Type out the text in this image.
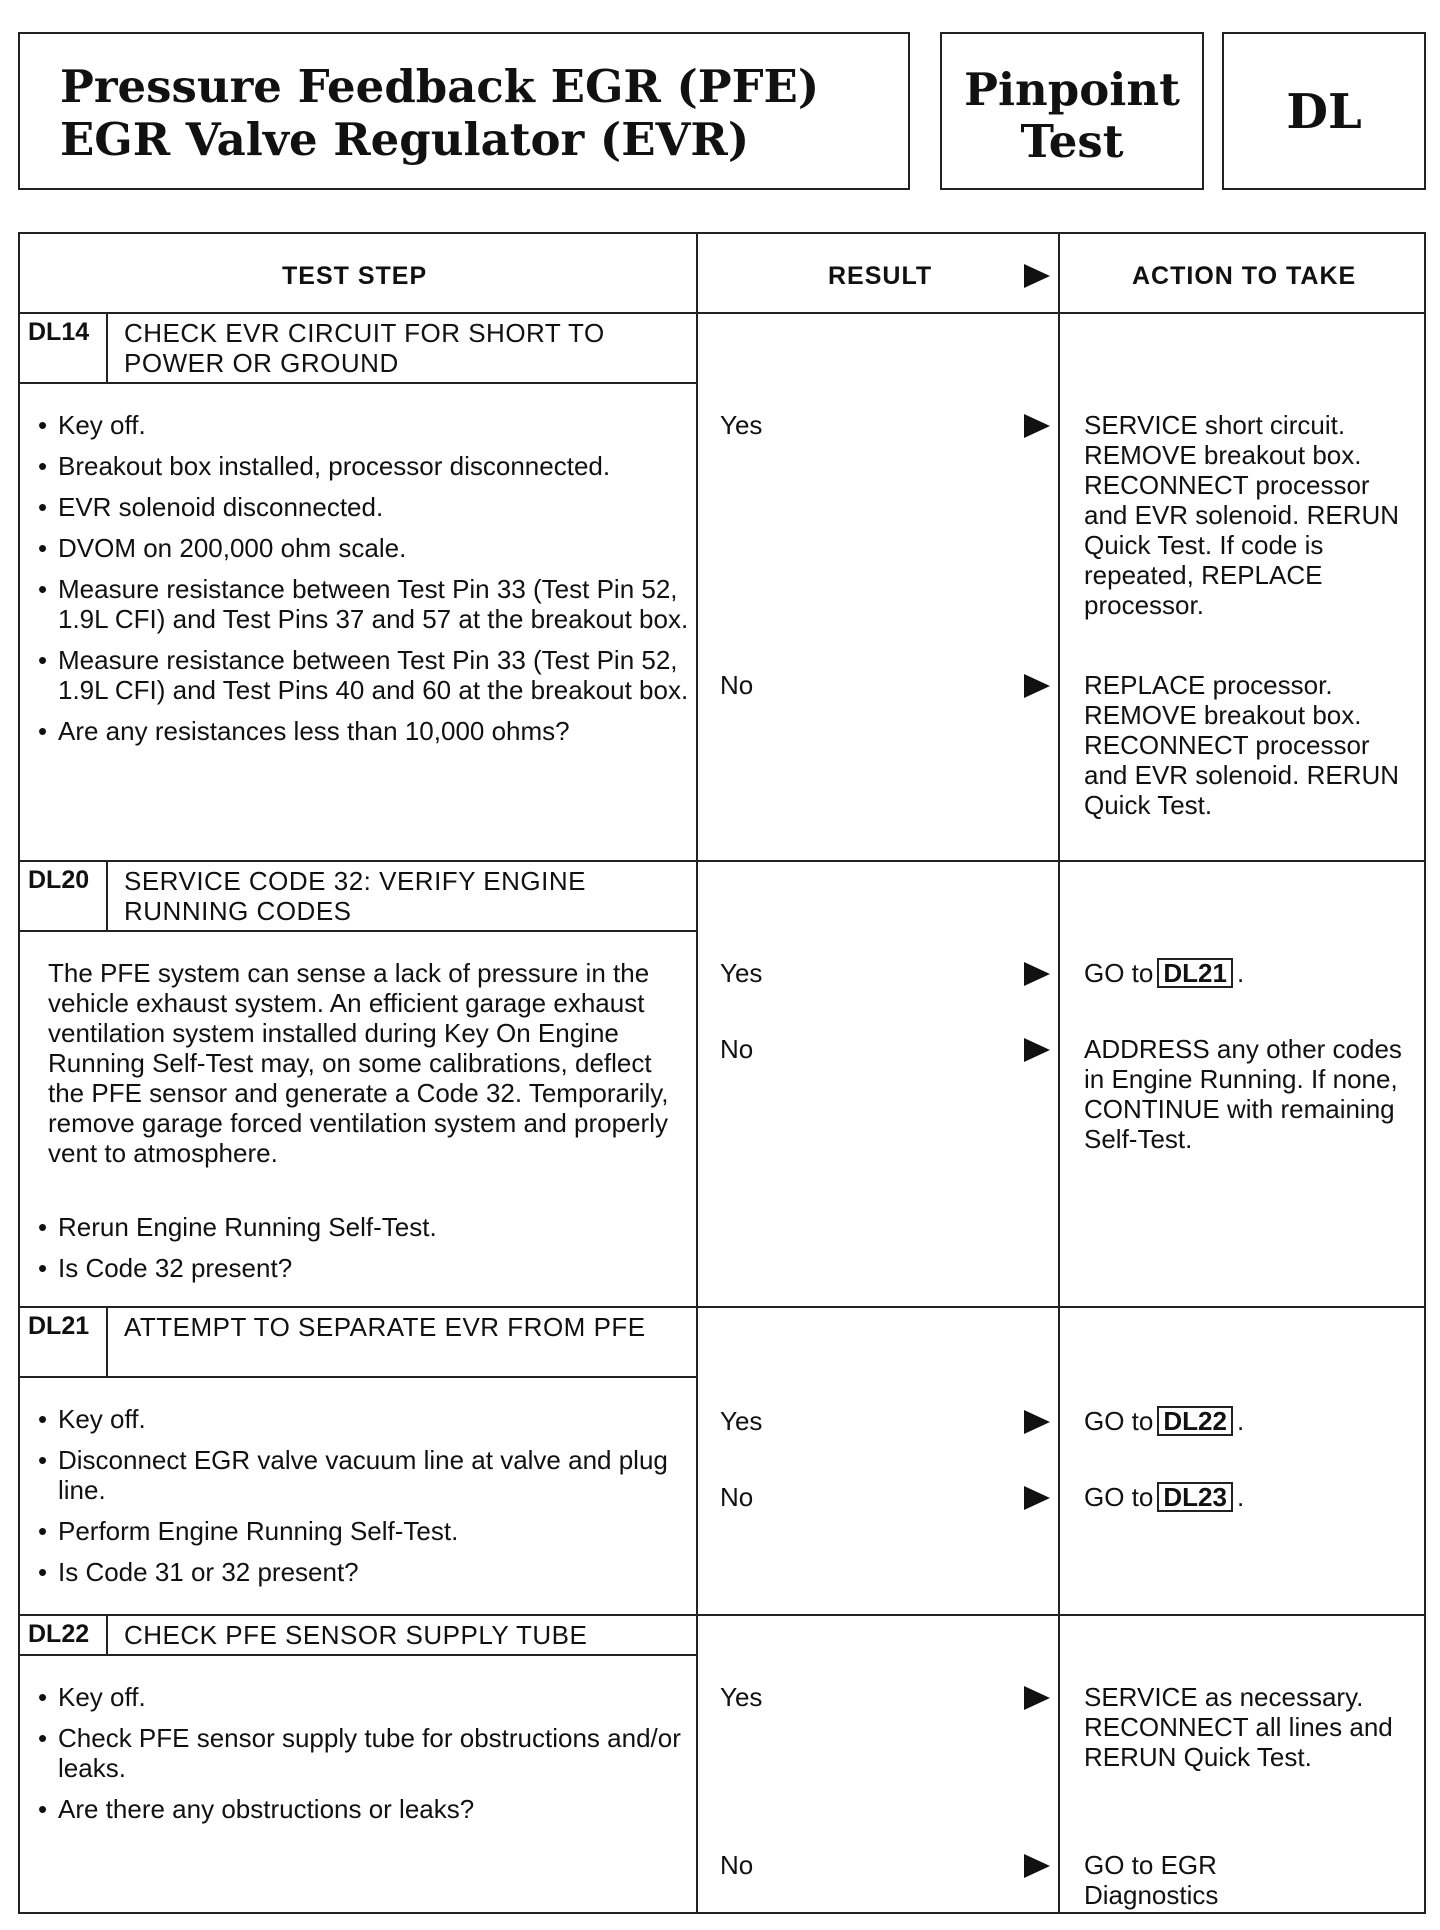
Pressure Feedback EGR (PFE)
EGR Valve Regulator (EVR)
Pinpoint
Test
DL
TEST STEP	RESULT	ACTION TO TAKE
DL14	CHECK EVR CIRCUIT FOR SHORT TO POWER OR GROUND
• Key off.
• Breakout box installed, processor disconnected.
• EVR solenoid disconnected.
• DVOM on 200,000 ohm scale.
• Measure resistance between Test Pin 33 (Test Pin 52, 1.9L CFI) and Test Pins 37 and 57 at the breakout box.
• Measure resistance between Test Pin 33 (Test Pin 52, 1.9L CFI) and Test Pins 40 and 60 at the breakout box.
• Are any resistances less than 10,000 ohms?
Yes	SERVICE short circuit. REMOVE breakout box. RECONNECT processor and EVR solenoid. RERUN Quick Test. If code is repeated, REPLACE processor.
No	REPLACE processor. REMOVE breakout box. RECONNECT processor and EVR solenoid. RERUN Quick Test.
DL20	SERVICE CODE 32: VERIFY ENGINE RUNNING CODES
The PFE system can sense a lack of pressure in the vehicle exhaust system. An efficient garage exhaust ventilation system installed during Key On Engine Running Self-Test may, on some calibrations, deflect the PFE sensor and generate a Code 32. Temporarily, remove garage forced ventilation system and properly vent to atmosphere.
• Rerun Engine Running Self-Test.
• Is Code 32 present?
Yes	GO to DL21 .
No	ADDRESS any other codes in Engine Running. If none, CONTINUE with remaining Self-Test.
DL21	ATTEMPT TO SEPARATE EVR FROM PFE
• Key off.
• Disconnect EGR valve vacuum line at valve and plug line.
• Perform Engine Running Self-Test.
• Is Code 31 or 32 present?
Yes	GO to DL22 .
No	GO to DL23 .
DL22	CHECK PFE SENSOR SUPPLY TUBE
• Key off.
• Check PFE sensor supply tube for obstructions and/or leaks.
• Are there any obstructions or leaks?
Yes	SERVICE as necessary. RECONNECT all lines and RERUN Quick Test.
No	GO to EGR Diagnostics
